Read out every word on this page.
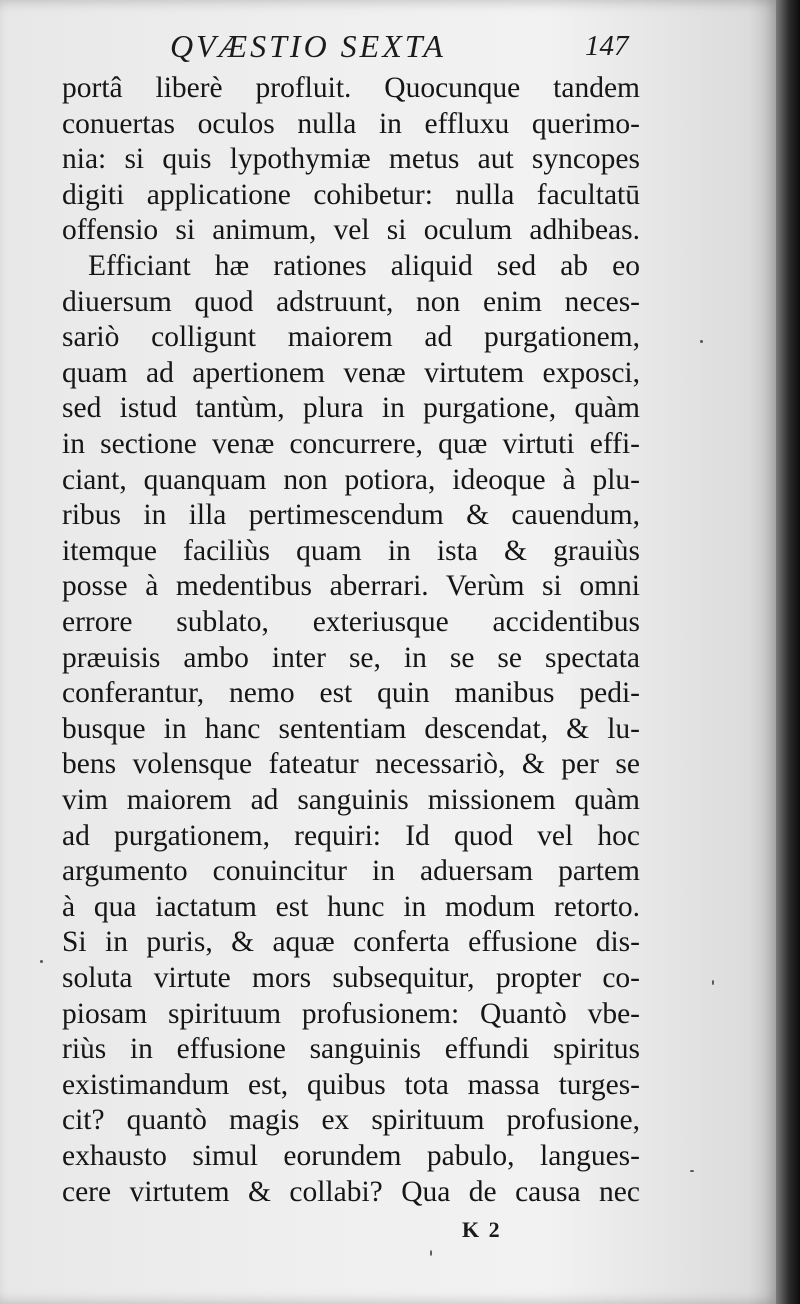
QVÆSTIO SEXTA	147
portâ liberè profluit. Quocunque tandem
conuertas oculos nulla in effluxu querimo-
nia: si quis lypothymiæ metus aut syncopes
digiti applicatione cohibetur: nulla facultatū
offensio si animum, vel si oculum adhibeas.
Efficiant hæ rationes aliquid sed ab eo
diuersum quod adstruunt, non enim neces-
sariò colligunt maiorem ad purgationem,
quam ad apertionem venæ virtutem exposci,
sed istud tantùm, plura in purgatione, quàm
in sectione venæ concurrere, quæ virtuti effi-
ciant, quanquam non potiora, ideoque à plu-
ribus in illa pertimescendum & cauendum,
itemque faciliùs quam in ista & grauiùs
posse à medentibus aberrari. Verùm si omni
errore sublato, exteriusque accidentibus
præuisis ambo inter se, in se se spectata
conferantur, nemo est quin manibus pedi-
busque in hanc sententiam descendat, & lu-
bens volensque fateatur necessariò, & per se
vim maiorem ad sanguinis missionem quàm
ad purgationem, requiri: Id quod vel hoc
argumento conuincitur in aduersam partem
à qua iactatum est hunc in modum retorto.
Si in puris, & aquæ conferta effusione dis-
soluta virtute mors subsequitur, propter co-
piosam spirituum profusionem: Quantò vbe-
riùs in effusione sanguinis effundi spiritus
existimandum est, quibus tota massa turges-
cit? quantò magis ex spirituum profusione,
exhausto simul eorundem pabulo, langues-
cere virtutem & collabi? Qua de causa nec
K 2
